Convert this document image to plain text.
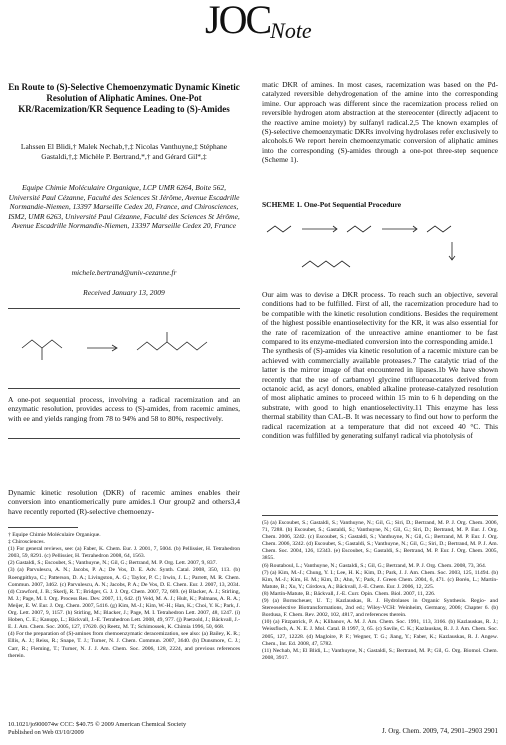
JOC Note
En Route to (S)-Selective Chemoenzymatic Dynamic Kinetic Resolution of Aliphatic Amines. One-Pot KR/Racemization/KR Sequence Leading to (S)-Amides
Lahssen El Blidi,† Malek Nechab,†,‡ Nicolas Vanthuyne,‡ Stéphane Gastaldi,†,‡ Michèle P. Bertrand,*,† and Gérard Gil*,‡
Equipe Chimie Moléculaire Organique, LCP UMR 6264, Boite 562, Université Paul Cézanne, Faculté des Sciences St Jérôme, Avenue Escadrille Normandie-Niemen, 13397 Marseille Cedex 20, France, and Chirosciences, ISM2, UMR 6263, Université Paul Cézanne, Faculté des Sciences St Jérôme, Avenue Escadrille Normandie-Niemen, 13397 Marseille Cedex 20, France
michele.bertrand@univ-cezanne.fr
Received January 13, 2009
A one-pot sequential process, involving a radical racemization and an enzymatic resolution, provides access to (S)-amides, from racemic amines, with ee and yields ranging from 78 to 94% and 58 to 80%, respectively.
Dynamic kinetic resolution (DKR) of racemic amines enables their conversion into enantiomerically pure amides.1 Our group2 and others3,4 have recently reported (R)-selective chemoenzy-
† Equipe Chimie Moléculaire Organique.
‡ Chirosciences.
(1) For general reviews, see: (a) Faber, K. Chem. Eur. J. 2001, 7, 5004. (b) Pellissier, H. Tetrahedron 2003, 59, 8291. (c) Pellissier, H. Tetrahedron 2008, 64, 1563.
(2) Gastaldi, S.; Escoubet, S.; Vanthuyne, N.; Gil, G.; Bertrand, M. P. Org. Lett. 2007, 9, 837.
(3) (a) Parvulescu, A. N.; Jacobs, P. A.; De Vos, D. E. Adv. Synth. Catal. 2008, 350, 113. (b) Roengpithya, C.; Patterson, D. A.; Livingston, A. G.; Taylor, P. C.; Irwin, J. L.; Parrett, M. R. Chem. Commun. 2007, 3462. (c) Parvulescu, A. N.; Jacobs, P. A.; De Vos, D. E. Chem. Eur. J. 2007, 13, 2034. (d) Crawford, J. B.; Skerlj, R. T.; Bridger, G. J. J. Org. Chem. 2007, 72, 669. (e) Blacker, A. J.; Stirling, M. J.; Page, M. I. Org. Process Res. Dev. 2007, 11, 642. (f) Veld, M. A. J.; Hult, K.; Palmans, A. R. A.; Meijer, E. W. Eur. J. Org. Chem. 2007, 5416. (g) Kim, M.-J.; Kim, W.-H.; Han, K.; Choi, Y. K.; Park, J. Org. Lett. 2007, 9, 1157. (h) Stirling, M.; Blacker, J.; Page, M. I. Tetrahedron Lett. 2007, 48, 1247. (i) Hoben, C. E.; Kanupp, L.; Bäckvall, J.-E. Tetrahedron Lett. 2008, 49, 977. (j) Paetzold, J.; Bäckvall, J.-E. J. Am. Chem. Soc. 2005, 127, 17620. (k) Reetz, M. T.; Schimossek, K. Chimia 1996, 50, 668.
(4) For the preparation of (S)-amines from chemoenzymatic deracemization, see also: (a) Bailey, K. R.; Ellis, A. J.; Reiss, R.; Snape, T. J.; Turner, N. J. Chem. Commun. 2007, 3640. (b) Dunsmore, C. J.; Carr, R.; Fleming, T.; Turner, N. J. J. Am. Chem. Soc. 2006, 128, 2224, and previous references therein.
10.1021/jo900074w CCC: $40.75 © 2009 American Chemical Society
Published on Web 03/10/2009
matic DKR of amines. In most cases, racemization was based on the Pd-catalyzed reversible dehydrogenation of the amine into the corresponding imine. Our approach was different since the racemization process relied on reversible hydrogen atom abstraction at the stereocenter (directly adjacent to the reactive amine moiety) by sulfanyl radical.2,5 The known examples of (S)-selective chemoenzymatic DKRs involving hydrolases refer exclusively to alcohols.6 We report herein chemoenzymatic conversion of aliphatic amines into the corresponding (S)-amides through a one-pot three-step sequence (Scheme 1).
SCHEME 1. One-Pot Sequential Procedure
Our aim was to devise a DKR process. To reach such an objective, several conditions had to be fulfilled. First of all, the racemization procedure had to be compatible with the kinetic resolution conditions. Besides the requirement of the highest possible enantioselectivity for the KR, it was also essential for the rate of racemization of the unreactive amine enantiomer to be fast compared to its enzyme-mediated conversion into the corresponding amide.1
The synthesis of (S)-amides via kinetic resolution of a racemic mixture can be achieved with commercially available proteases.7 The catalytic triad of the latter is the mirror image of that encountered in lipases.1b We have shown recently that the use of carbamoyl glycine trifluoroacetates derived from octanoic acid, as acyl donors, enabled alkaline protease-catalyzed resolution of most aliphatic amines to proceed within 15 min to 6 h depending on the substrate, with good to high enantioselectivity.11 This enzyme has less thermal stability than CAL-B. It was necessary to find out how to perform the radical racemization at a temperature that did not exceed 40 °C. This condition was fulfilled by generating sulfanyl radical via photolysis of
(5) (a) Escoubet, S.; Gastaldi, S.; Vanthuyne, N.; Gil, G.; Siri, D.; Bertrand, M. P. J. Org. Chem. 2006, 71, 7288. (b) Escoubet, S.; Gastaldi, S.; Vanthuyne, N.; Gil, G.; Siri, D.; Bertrand, M. P. Eur. J. Org. Chem. 2006, 3242. (c) Escoubet, S.; Gastaldi, S.; Vanthuyne, N.; Gil, G.; Bertrand, M. P. Eur. J. Org. Chem. 2006, 3242. (d) Escoubet, S.; Gastaldi, S.; Vanthuyne, N.; Gil, G.; Siri, D.; Bertrand, M. P. J. Am. Chem. Soc. 2004, 126, 12343. (e) Escoubet, S.; Gastaldi, S.; Bertrand, M. P. Eur. J. Org. Chem. 2005, 3855.
(6) Routaboul, L.; Vanthuyne, N.; Gastaldi, S.; Gil, G.; Bertrand, M. P. J. Org. Chem. 2008, 73, 364.
(7) (a) Kim, M.-J.; Chung, Y. I.; Lee, H. K.; Kim, D.; Park, J. J. Am. Chem. Soc. 2003, 125, 11494. (b) Kim, M.-J.; Kim, H. M.; Kim, D.; Ahn, Y.; Park, J. Green Chem. 2004, 6, 471. (c) Borén, L.; Martín-Matute, B.; Xu, Y.; Córdova, A.; Bäckvall, J.-E. Chem. Eur. J. 2006, 12, 225.
(8) Martín-Matute, B.; Bäckvall, J.-E. Curr. Opin. Chem. Biol. 2007, 11, 226.
(9) (a) Bornscheuer, U. T.; Kazlauskas, R. J. Hydrolases in Organic Synthesis. Regio- and Stereoselective Biotransformations, 2nd ed.; Wiley-VCH: Weinheim, Germany, 2006; Chapter 6. (b) Bordusa, F. Chem. Rev. 2002, 102, 4817, and references therein.
(10) (a) Fitzpatrick, P. A.; Klibanov, A. M. J. Am. Chem. Soc. 1991, 113, 3166. (b) Kazlauskas, R. J.; Weissfloch, A. N. E. J. Mol. Catal. B 1997, 3, 65. (c) Savile, C. K.; Kazlauskas, R. J. J. Am. Chem. Soc. 2005, 127, 12228. (d) Magloire, P. F.; Wegner, T. G.; Jiang, Y.; Faber, K.; Kazlauskas, R. J. Angew. Chem., Int. Ed. 2008, 47, 5782.
(11) Nechab, M.; El Blidi, L.; Vanthuyne, N.; Gastaldi, S.; Bertrand, M. P.; Gil, G. Org. Biomol. Chem. 2008, 3917.
J. Org. Chem. 2009, 74, 2901–2903 2901
